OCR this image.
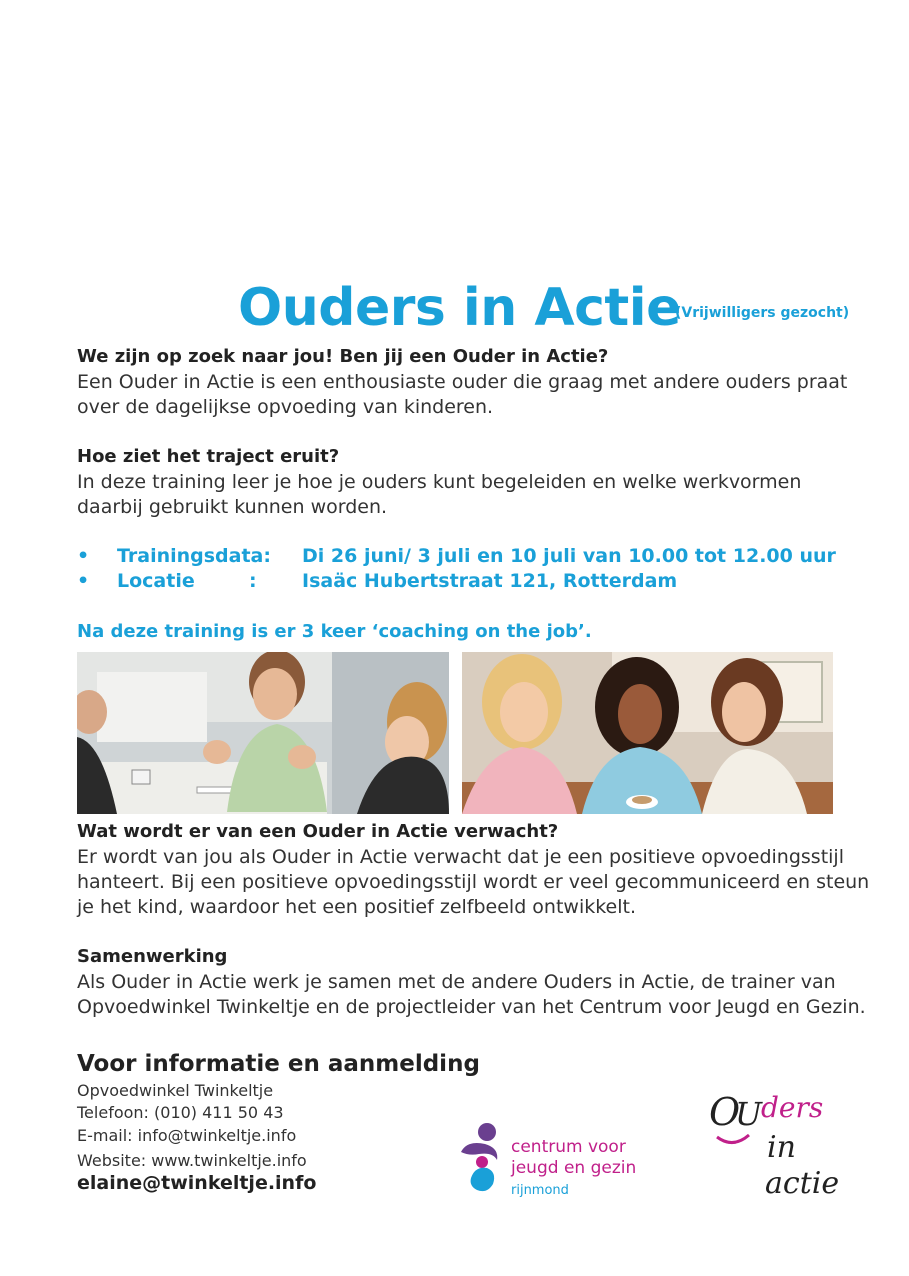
Ouders in Actie
(Vrijwilligers gezocht)
We zijn op zoek naar jou! Ben jij een Ouder in Actie?
Een Ouder in Actie is een enthousiaste ouder die graag met andere ouders praat
over de dagelijkse opvoeding van kinderen.
Hoe ziet het traject eruit?
In deze training leer je hoe je ouders kunt begeleiden en welke werkvormen
daarbij gebruikt kunnen worden.
• Trainingsdata: Di 26 juni/ 3 juli en 10 juli van 10.00 tot 12.00 uur
• Locatie	: Isaäc Hubertstraat 121, Rotterdam
Na deze training is er 3 keer ‘coaching on the job’.
Wat wordt er van een Ouder in Actie verwacht?
Er wordt van jou als Ouder in Actie verwacht dat je een positieve opvoedingsstijl
hanteert. Bij een positieve opvoedingsstijl wordt er veel gecommuniceerd en steun
je het kind, waardoor het een positief zelfbeeld ontwikkelt.
Samenwerking
Als Ouder in Actie werk je samen met de andere Ouders in Actie, de trainer van
Opvoedwinkel Twinkeltje en de projectleider van het Centrum voor Jeugd en Gezin.
Voor informatie en aanmelding
Opvoedwinkel Twinkeltje
Telefoon: (010) 411 50 43
E-mail: info@twinkeltje.info
Website: www.twinkeltje.info
elaine@twinkeltje.info
centrum voor
jeugd en gezin
rijnmond
O
U ders
in
actie
